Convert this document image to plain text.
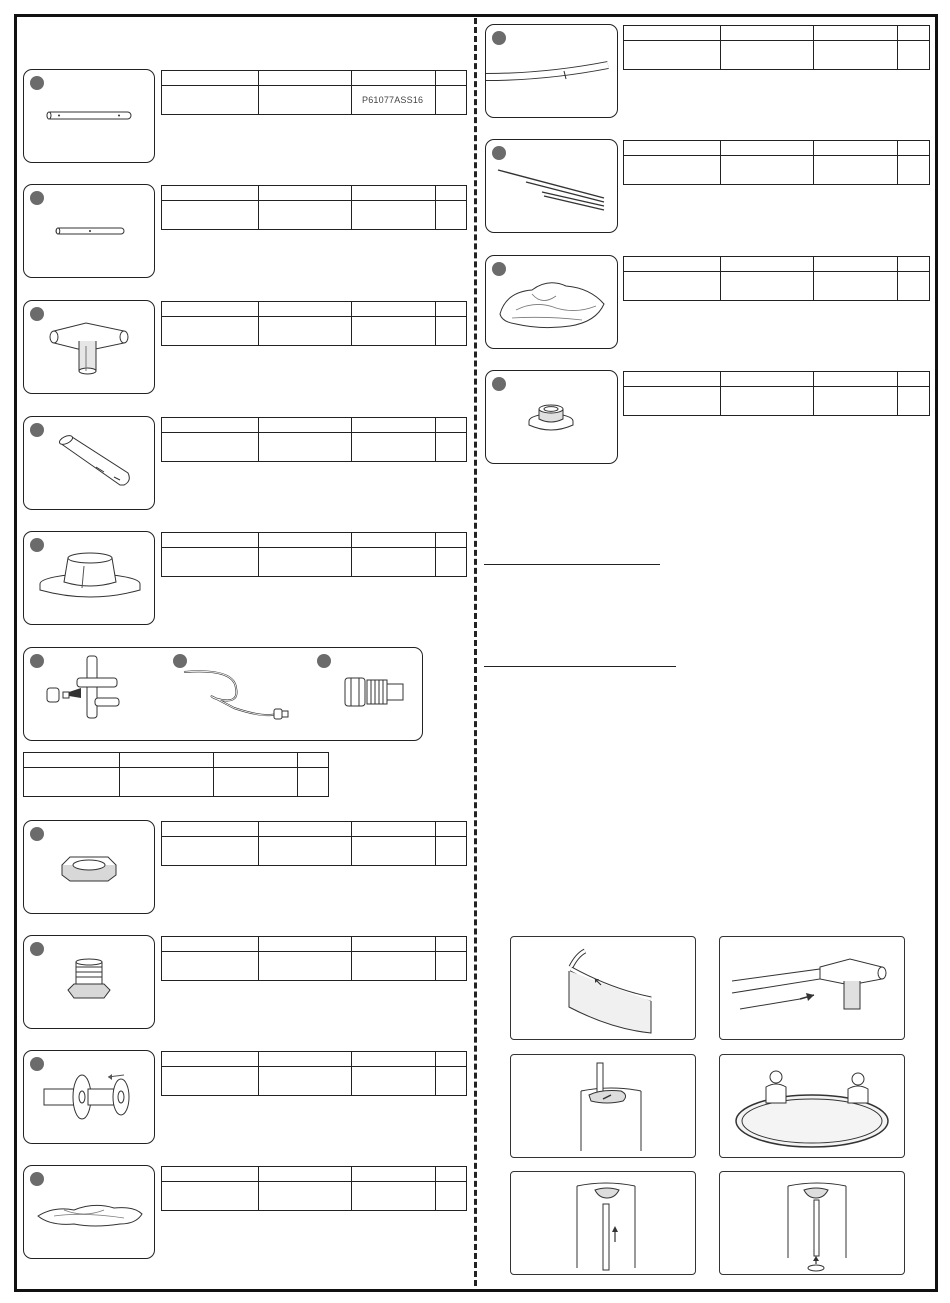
		P61077ASS16	
